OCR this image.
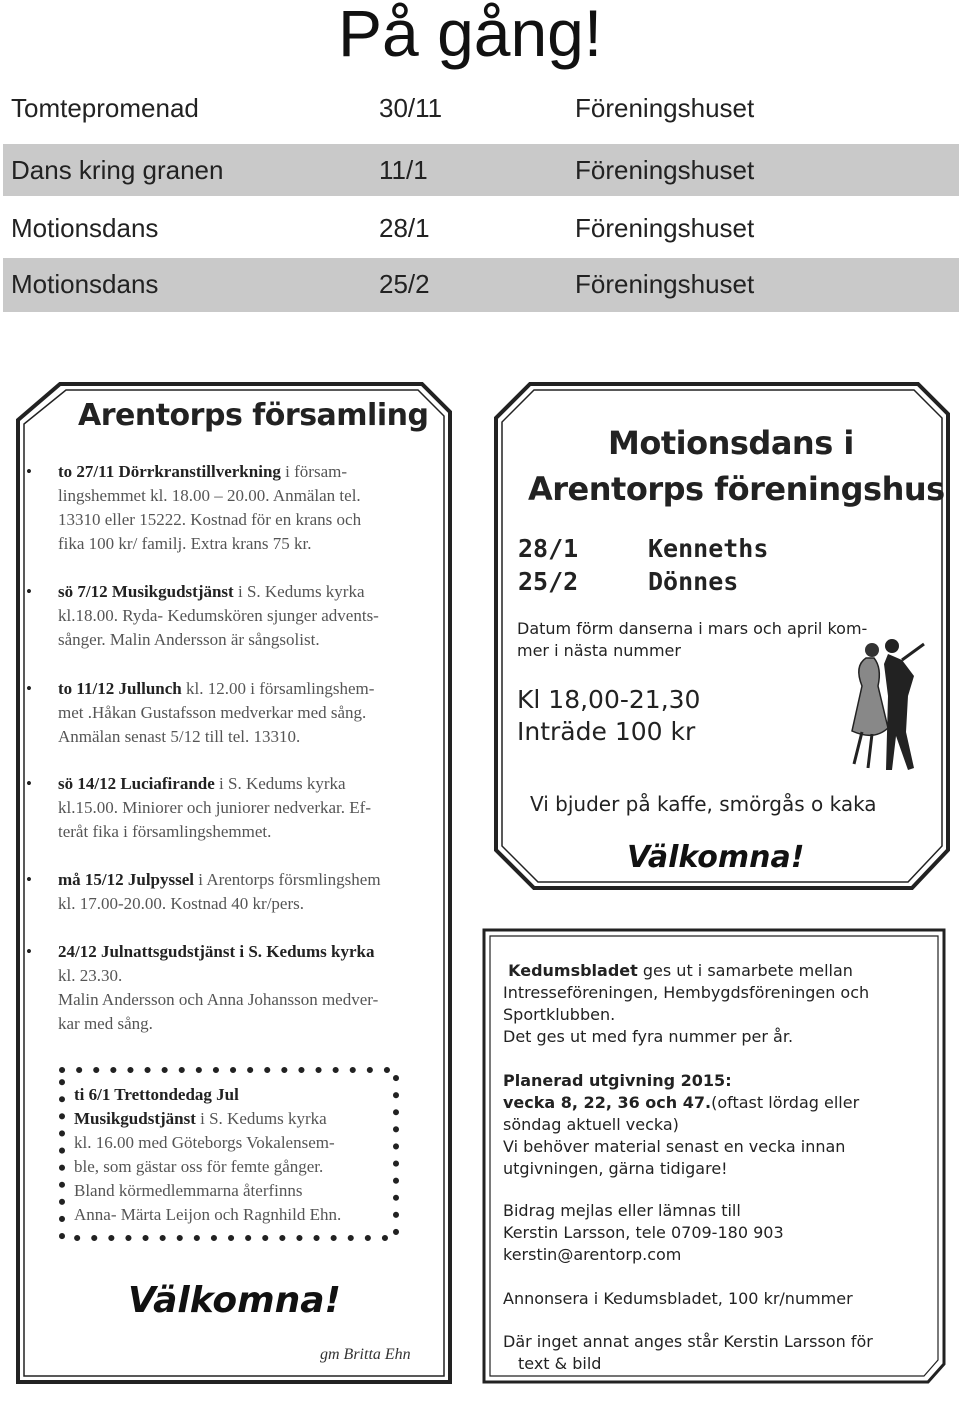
På gång!
Tomtepromenad	30/11	Föreningshuset
Dans kring granen	11/1	Föreningshuset
Motionsdans	28/1	Föreningshuset
Motionsdans	25/2	Föreningshuset
Arentorps församling
• to 27/11 Dörrkranstillverkning i försam-
lingshemmet kl. 18.00 – 20.00. Anmälan tel.
13310 eller 15222. Kostnad för en krans och
fika 100 kr/ familj. Extra krans 75 kr.
• sö 7/12 Musikgudstjänst i S. Kedums kyrka
kl.18.00. Ryda- Kedumskören sjunger advents-
sånger. Malin Andersson är sångsolist.
• to 11/12 Jullunch kl. 12.00 i församlingshem-
met .Håkan Gustafsson medverkar med sång.
Anmälan senast 5/12 till tel. 13310.
• sö 14/12 Luciafirande i S. Kedums kyrka
kl.15.00. Miniorer och juniorer nedverkar. Ef-
teråt fika i församlingshemmet.
• må 15/12 Julpyssel i Arentorps försmlingshem
kl. 17.00-20.00. Kostnad 40 kr/pers.
• 24/12 Julnattsgudstjänst i S. Kedums kyrka
kl. 23.30.
Malin Andersson och Anna Johansson medver-
kar med sång.
ti 6/1 Trettondedag Jul
Musikgudstjänst i S. Kedums kyrka
kl. 16.00 med Göteborgs Vokalensem-
ble, som gästar oss för femte gånger.
Bland körmedlemmarna återfinns
Anna- Märta Leijon och Ragnhild Ehn.
Välkomna!
gm Britta Ehn
Motionsdans i
Arentorps föreningshus
28/1	Kenneths
25/2	Dönnes
Datum förm danserna i mars och april kom-
mer i nästa nummer
Kl 18,00-21,30
Inträde 100 kr
Vi bjuder på kaffe, smörgås o kaka
Välkomna!
Kedumsbladet ges ut i samarbete mellan
Intresseföreningen, Hembygdsföreningen och
Sportklubben.
Det ges ut med fyra nummer per år.
Planerad utgivning 2015:
vecka 8, 22, 36 och 47.(oftast lördag eller
söndag aktuell vecka)
Vi behöver material senast en vecka innan
utgivningen, gärna tidigare!
Bidrag mejlas eller lämnas till
Kerstin Larsson, tele 0709-180 903
kerstin@arentorp.com
Annonsera i Kedumsbladet, 100 kr/nummer
Där inget annat anges står Kerstin Larsson för
text & bild
